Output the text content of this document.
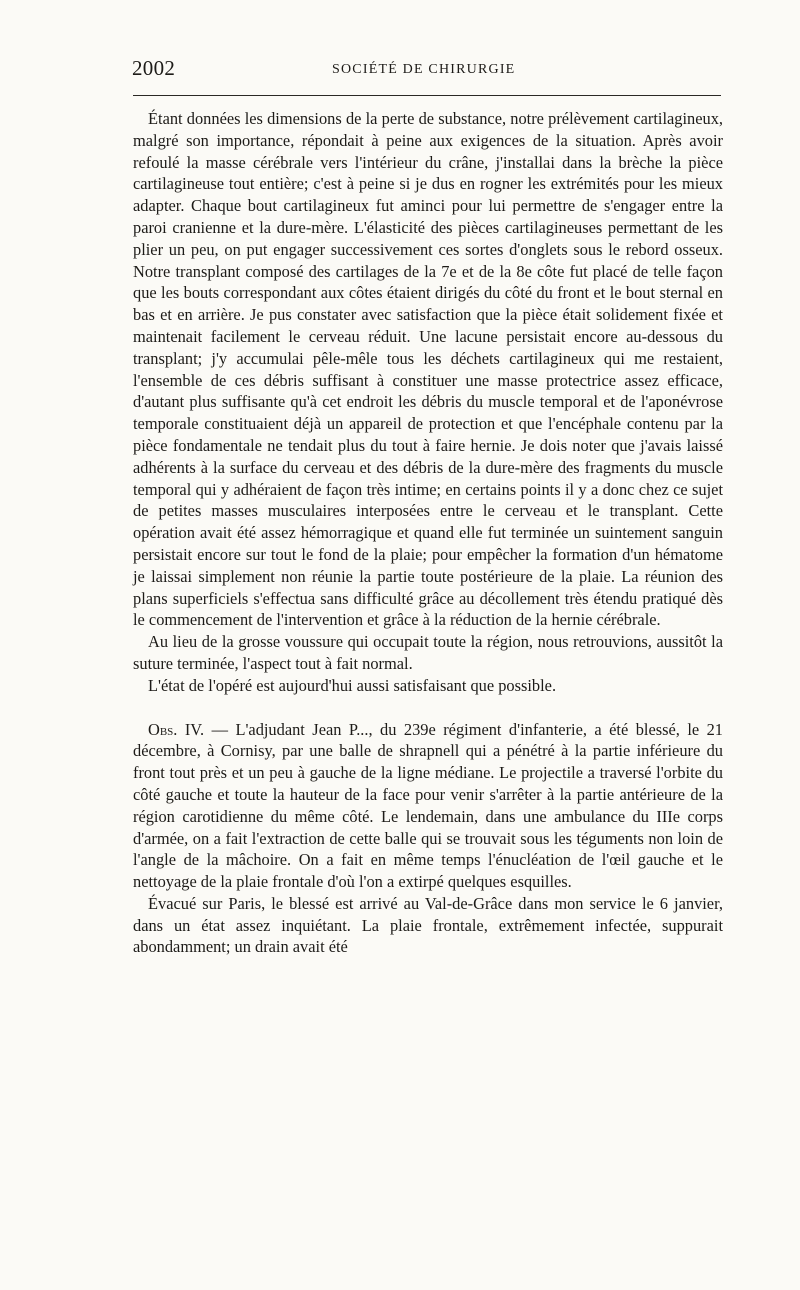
2002	SOCIÉTÉ DE CHIRURGIE

Étant données les dimensions de la perte de substance, notre prélèvement cartilagineux, malgré son importance, répondait à peine aux exigences de la situation. Après avoir refoulé la masse cérébrale vers l'intérieur du crâne, j'installai dans la brèche la pièce cartilagineuse tout entière; c'est à peine si je dus en rogner les extrémités pour les mieux adapter. Chaque bout cartilagineux fut aminci pour lui permettre de s'engager entre la paroi cranienne et la dure-mère. L'élasticité des pièces cartilagineuses permettant de les plier un peu, on put engager successivement ces sortes d'onglets sous le rebord osseux. Notre transplant composé des cartilages de la 7e et de la 8e côte fut placé de telle façon que les bouts correspondant aux côtes étaient dirigés du côté du front et le bout sternal en bas et en arrière. Je pus constater avec satisfaction que la pièce était solidement fixée et maintenait facilement le cerveau réduit. Une lacune persistait encore au-dessous du transplant; j'y accumulai pêle-mêle tous les déchets cartilagineux qui me restaient, l'ensemble de ces débris suffisant à constituer une masse protectrice assez efficace, d'autant plus suffisante qu'à cet endroit les débris du muscle temporal et de l'aponévrose temporale constituaient déjà un appareil de protection et que l'encéphale contenu par la pièce fondamentale ne tendait plus du tout à faire hernie. Je dois noter que j'avais laissé adhérents à la surface du cerveau et des débris de la dure-mère des fragments du muscle temporal qui y adhéraient de façon très intime; en certains points il y a donc chez ce sujet de petites masses musculaires interposées entre le cerveau et le transplant. Cette opération avait été assez hémorragique et quand elle fut terminée un suintement sanguin persistait encore sur tout le fond de la plaie; pour empêcher la formation d'un hématome je laissai simplement non réunie la partie toute postérieure de la plaie. La réunion des plans superficiels s'effectua sans difficulté grâce au décollement très étendu pratiqué dès le commencement de l'intervention et grâce à la réduction de la hernie cérébrale.

Au lieu de la grosse voussure qui occupait toute la région, nous retrouvions, aussitôt la suture terminée, l'aspect tout à fait normal.

L'état de l'opéré est aujourd'hui aussi satisfaisant que possible.

Obs. IV. — L'adjudant Jean P..., du 239e régiment d'infanterie, a été blessé, le 21 décembre, à Cornisy, par une balle de shrapnell qui a pénétré à la partie inférieure du front tout près et un peu à gauche de la ligne médiane. Le projectile a traversé l'orbite du côté gauche et toute la hauteur de la face pour venir s'arrêter à la partie antérieure de la région carotidienne du même côté. Le lendemain, dans une ambulance du IIIe corps d'armée, on a fait l'extraction de cette balle qui se trouvait sous les téguments non loin de l'angle de la mâchoire. On a fait en même temps l'énucléation de l'œil gauche et le nettoyage de la plaie frontale d'où l'on a extirpé quelques esquilles.

Évacué sur Paris, le blessé est arrivé au Val-de-Grâce dans mon service le 6 janvier, dans un état assez inquiétant. La plaie frontale, extrêmement infectée, suppurait abondamment; un drain avait été
